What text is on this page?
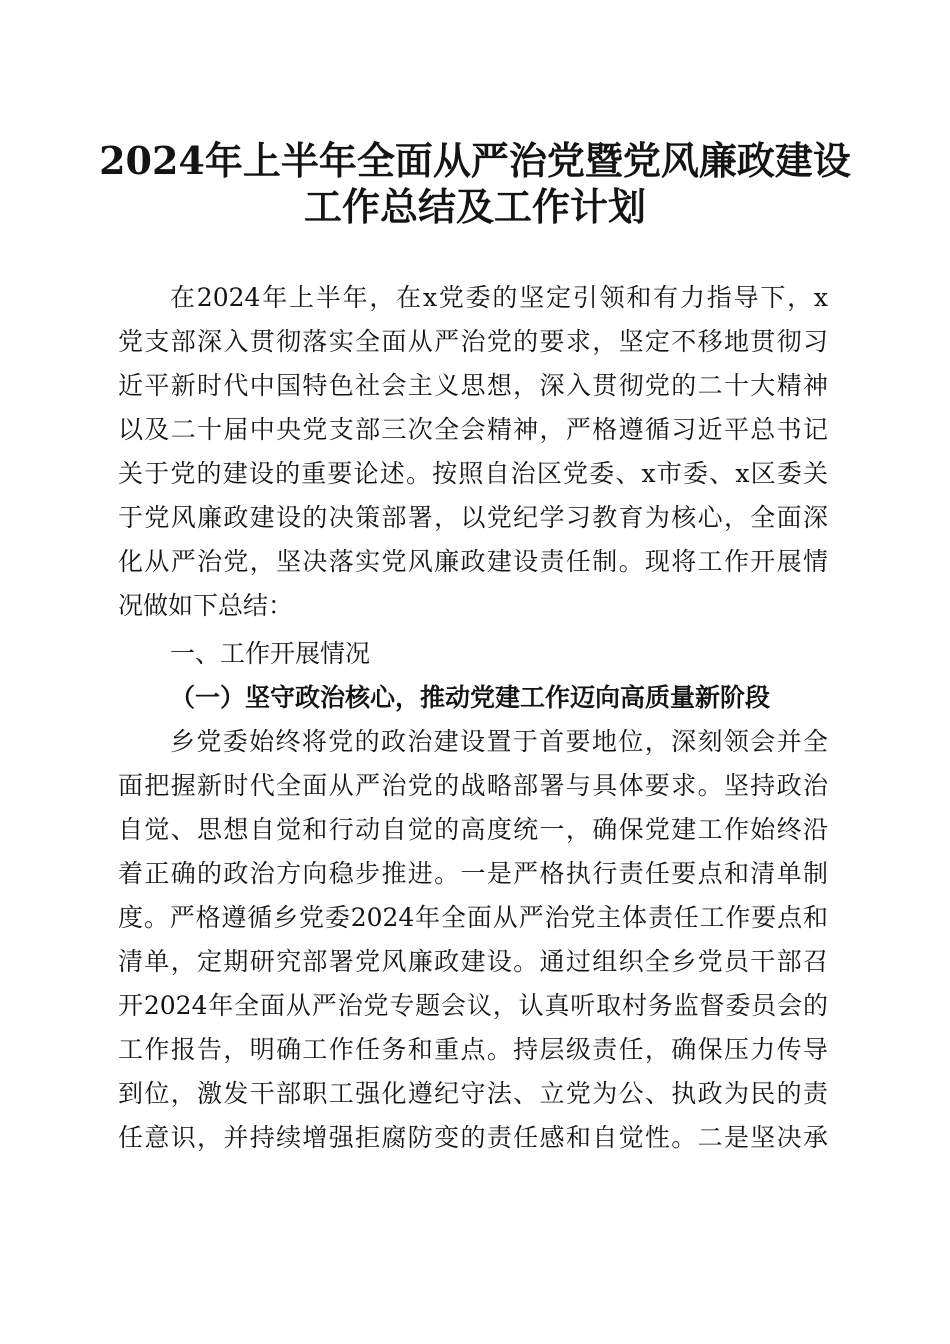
2024年上半年全面从严治党暨党风廉政建设
工作总结及工作计划
在2024年上半年，在x党委的坚定引领和有力指导下，x
党支部深入贯彻落实全面从严治党的要求，坚定不移地贯彻习
近平新时代中国特色社会主义思想，深入贯彻党的二十大精神
以及二十届中央党支部三次全会精神，严格遵循习近平总书记
关于党的建设的重要论述。按照自治区党委、x市委、x区委关
于党风廉政建设的决策部署，以党纪学习教育为核心，全面深
化从严治党，坚决落实党风廉政建设责任制。现将工作开展情
况做如下总结：
一、工作开展情况
（一）坚守政治核心，推动党建工作迈向高质量新阶段
乡党委始终将党的政治建设置于首要地位，深刻领会并全
面把握新时代全面从严治党的战略部署与具体要求。坚持政治
自觉、思想自觉和行动自觉的高度统一，确保党建工作始终沿
着正确的政治方向稳步推进。一是严格执行责任要点和清单制
度。严格遵循乡党委2024年全面从严治党主体责任工作要点和
清单，定期研究部署党风廉政建设。通过组织全乡党员干部召
开2024年全面从严治党专题会议，认真听取村务监督委员会的
工作报告，明确工作任务和重点。持层级责任，确保压力传导
到位，激发干部职工强化遵纪守法、立党为公、执政为民的责
任意识，并持续增强拒腐防变的责任感和自觉性。二是坚决承
